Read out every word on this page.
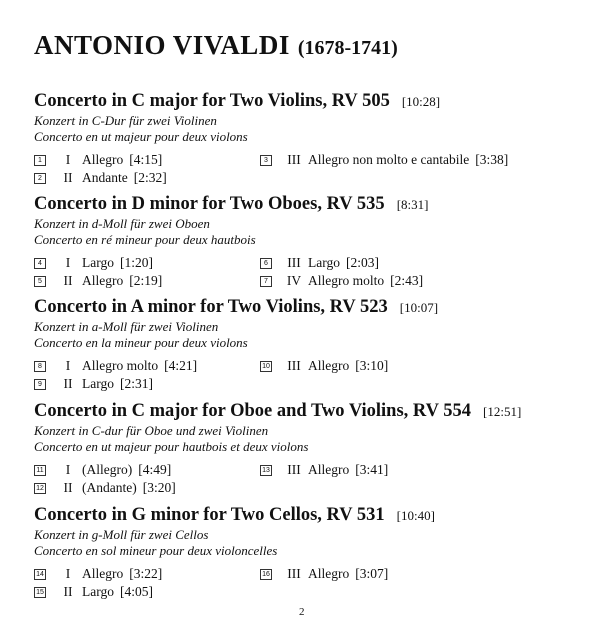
ANTONIO VIVALDI (1678-1741)
Concerto in C major for Two Violins, RV 505 [10:28]
Konzert in C-Dur für zwei Violinen
Concerto en ut majeur pour deux violons
1	I Allegro [4:15]
2	II Andante [2:32]
3	III Allegro non molto e cantabile [3:38]
Concerto in D minor for Two Oboes, RV 535 [8:31]
Konzert in d-Moll für zwei Oboen
Concerto en ré mineur pour deux hautbois
4	I Largo [1:20]
5	II Allegro [2:19]
6	III Largo [2:03]
7	IV Allegro molto [2:43]
Concerto in A minor for Two Violins, RV 523 [10:07]
Konzert in a-Moll für zwei Violinen
Concerto en la mineur pour deux violons
8	I Allegro molto [4:21]
9	II Largo [2:31]
10	III Allegro [3:10]
Concerto in C major for Oboe and Two Violins, RV 554 [12:51]
Konzert in C-dur für Oboe und zwei Violinen
Concerto en ut majeur pour hautbois et deux violons
11	I (Allegro) [4:49]
12	II (Andante) [3:20]
13	III Allegro [3:41]
Concerto in G minor for Two Cellos, RV 531 [10:40]
Konzert in g-Moll für zwei Cellos
Concerto en sol mineur pour deux violoncelles
14	I Allegro [3:22]
15	II Largo [4:05]
16	III Allegro [3:07]
2
